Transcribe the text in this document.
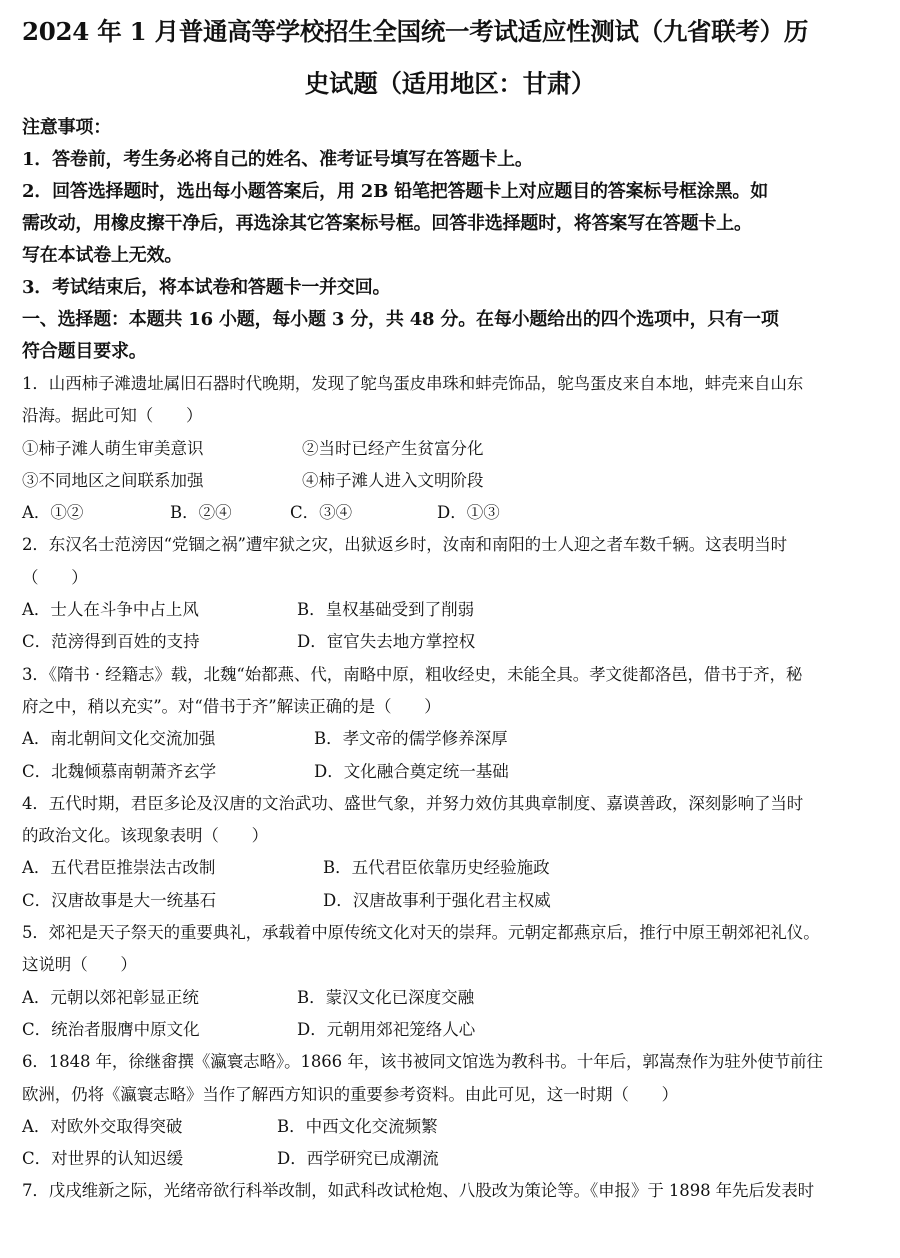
2024 年 1 月普通高等学校招生全国统一考试适应性测试（九省联考）历
史试题（适用地区：甘肃）

注意事项：

1．答卷前，考生务必将自己的姓名、准考证号填写在答题卡上。

2．回答选择题时，选出每小题答案后，用 2B 铅笔把答题卡上对应题目的答案标号框涂黑。如

需改动，用橡皮擦干净后，再选涂其它答案标号框。回答非选择题时，将答案写在答题卡上。

写在本试卷上无效。

3．考试结束后，将本试卷和答题卡一并交回。

一、选择题：本题共 16 小题，每小题 3 分，共 48 分。在每小题给出的四个选项中，只有一项

符合题目要求。

1．山西柿子滩遗址属旧石器时代晚期，发现了鸵鸟蛋皮串珠和蚌壳饰品，鸵鸟蛋皮来自本地，蚌壳来自山东

沿海。据此可知（　　）

①柿子滩人萌生审美意识	②当时已经产生贫富分化
③不同地区之间联系加强	④柿子滩人进入文明阶段
A．①②	B．②④	C．③④	D．①③

2．东汉名士范滂因“党锢之祸”遭牢狱之灾，出狱返乡时，汝南和南阳的士人迎之者车数千辆。这表明当时

（　　）

A．士人在斗争中占上风	B．皇权基础受到了削弱
C．范滂得到百姓的支持	D．宦官失去地方掌控权

3．《隋书 · 经籍志》载，北魏“始都燕、代，南略中原，粗收经史，未能全具。孝文徙都洛邑，借书于齐，秘

府之中，稍以充实”。对“借书于齐”解读正确的是（　　）

A．南北朝间文化交流加强	B．孝文帝的儒学修养深厚
C．北魏倾慕南朝萧齐玄学	D．文化融合奠定统一基础

4．五代时期，君臣多论及汉唐的文治武功、盛世气象，并努力效仿其典章制度、嘉谟善政，深刻影响了当时

的政治文化。该现象表明（　　）

A．五代君臣推崇法古改制	B．五代君臣依靠历史经验施政
C．汉唐故事是大一统基石	D．汉唐故事利于强化君主权威

5．郊祀是天子祭天的重要典礼，承载着中原传统文化对天的崇拜。元朝定都燕京后，推行中原王朝郊祀礼仪。

这说明（　　）

A．元朝以郊祀彰显正统	B．蒙汉文化已深度交融
C．统治者服膺中原文化	D．元朝用郊祀笼络人心

6．1848 年，徐继畬撰《瀛寰志略》。1866 年，该书被同文馆选为教科书。十年后，郭嵩焘作为驻外使节前往

欧洲，仍将《瀛寰志略》当作了解西方知识的重要参考资料。由此可见，这一时期（　　）

A．对欧外交取得突破	B．中西文化交流频繁
C．对世界的认知迟缓	D．西学研究已成潮流

7．戊戌维新之际，光绪帝欲行科举改制，如武科改试枪炮、八股改为策论等。《申报》于 1898 年先后发表时
